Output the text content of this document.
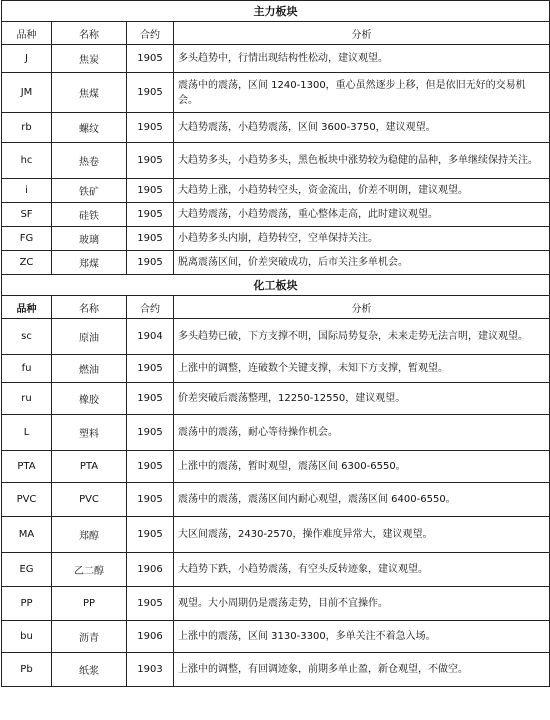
主力板块			
品种	名称	合约	分析
J	焦炭	1905	多头趋势中，行情出现结构性松动，建议观望。
JM	焦煤	1905	震荡中的震荡，区间 1240-1300，重心虽然逐步上移，但是依旧无好的交易机会。
rb	螺纹	1905	大趋势震荡，小趋势震荡，区间 3600-3750，建议观望。
hc	热卷	1905	大趋势多头，小趋势多头，黑色板块中涨势较为稳健的品种，多单继续保持关注。
i	铁矿	1905	大趋势上涨，小趋势转空头，资金流出，价差不明朗，建议观望。
SF	硅铁	1905	大趋势震荡，小趋势震荡，重心整体走高，此时建议观望。
FG	玻璃	1905	小趋势多头内崩，趋势转空，空单保持关注。
ZC	郑煤	1905	脱离震荡区间，价差突破成功，后市关注多单机会。
化工板块			
品种	名称	合约	分析
sc	原油	1904	多头趋势已破，下方支撑不明，国际局势复杂，未来走势无法言明，建议观望。
fu	燃油	1905	上涨中的调整，连破数个关键支撑，未知下方支撑，暂观望。
ru	橡胶	1905	价差突破后震荡整理，12250-12550，建议观望。
L	塑料	1905	震荡中的震荡，耐心等待操作机会。
PTA	PTA	1905	上涨中的震荡，暂时观望，震荡区间 6300-6550。
PVC	PVC	1905	震荡中的震荡，震荡区间内耐心观望，震荡区间 6400-6550。
MA	郑醇	1905	大区间震荡，2430-2570，操作难度异常大，建议观望。
EG	乙二醇	1906	大趋势下跌，小趋势震荡，有空头反转迹象，建议观望。
PP	PP	1905	观望。大小周期仍是震荡走势，目前不宜操作。
bu	沥青	1906	上涨中的震荡，区间 3130-3300，多单关注不着急入场。
Pb	纸浆	1903	上涨中的调整，有回调迹象，前期多单止盈，新仓观望，不做空。
